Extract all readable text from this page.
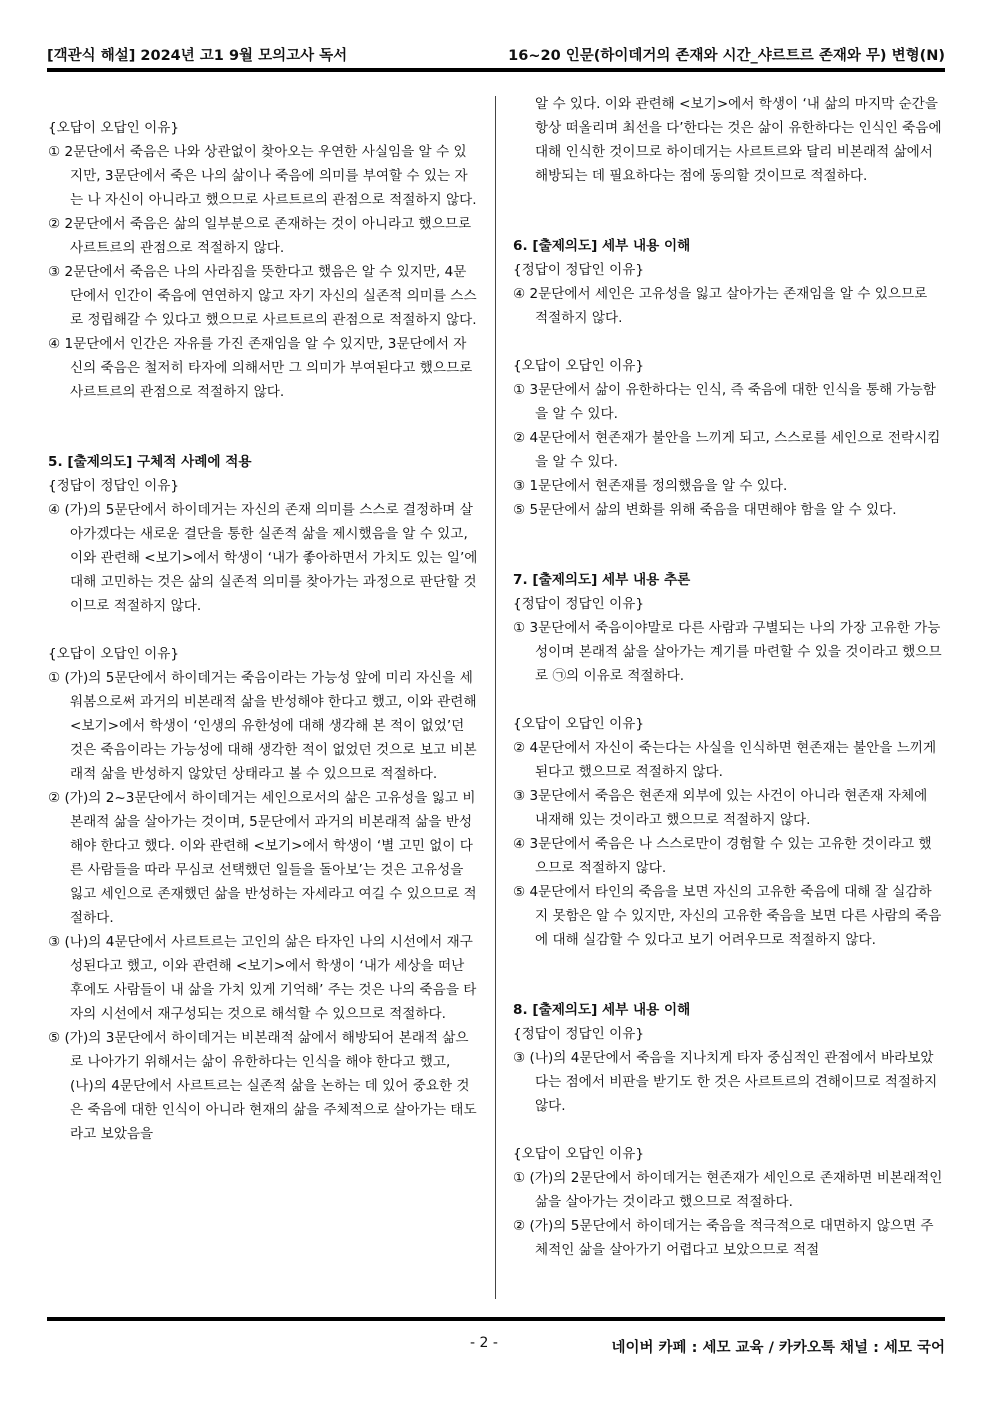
[객관식 해설] 2024년 고1 9월 모의고사 독서	16~20 인문(하이데거의 존재와 시간_샤르트르 존재와 무) 변형(N)

{오답이 오답인 이유}

① 2문단에서 죽음은 나와 상관없이 찾아오는 우연한 사실임을 알 수 있지만, 3문단에서 죽은 나의 삶이나 죽음에 의미를 부여할 수 있는 자는 나 자신이 아니라고 했으므로 사르트르의 관점으로 적절하지 않다.

② 2문단에서 죽음은 삶의 일부분으로 존재하는 것이 아니라고 했으므로 사르트르의 관점으로 적절하지 않다.

③ 2문단에서 죽음은 나의 사라짐을 뜻한다고 했음은 알 수 있지만, 4문단에서 인간이 죽음에 연연하지 않고 자기 자신의 실존적 의미를 스스로 정립해갈 수 있다고 했으므로 사르트르의 관점으로 적절하지 않다.

④ 1문단에서 인간은 자유를 가진 존재임을 알 수 있지만, 3문단에서 자신의 죽음은 철저히 타자에 의해서만 그 의미가 부여된다고 했으므로 사르트르의 관점으로 적절하지 않다.

5. [출제의도] 구체적 사례에 적용

{정답이 정답인 이유}

④ (가)의 5문단에서 하이데거는 자신의 존재 의미를 스스로 결정하며 살아가겠다는 새로운 결단을 통한 실존적 삶을 제시했음을 알 수 있고, 이와 관련해 <보기>에서 학생이 ‘내가 좋아하면서 가치도 있는 일’에 대해 고민하는 것은 삶의 실존적 의미를 찾아가는 과정으로 판단할 것이므로 적절하지 않다.

{오답이 오답인 이유}

① (가)의 5문단에서 하이데거는 죽음이라는 가능성 앞에 미리 자신을 세워봄으로써 과거의 비본래적 삶을 반성해야 한다고 했고, 이와 관련해 <보기>에서 학생이 ‘인생의 유한성에 대해 생각해 본 적이 없었’던 것은 죽음이라는 가능성에 대해 생각한 적이 없었던 것으로 보고 비본래적 삶을 반성하지 않았던 상태라고 볼 수 있으므로 적절하다.

② (가)의 2~3문단에서 하이데거는 세인으로서의 삶은 고유성을 잃고 비본래적 삶을 살아가는 것이며, 5문단에서 과거의 비본래적 삶을 반성해야 한다고 했다. 이와 관련해 <보기>에서 학생이 ‘별 고민 없이 다른 사람들을 따라 무심코 선택했던 일들을 돌아보’는 것은 고유성을 잃고 세인으로 존재했던 삶을 반성하는 자세라고 여길 수 있으므로 적절하다.

③ (나)의 4문단에서 사르트르는 고인의 삶은 타자인 나의 시선에서 재구성된다고 했고, 이와 관련해 <보기>에서 학생이 ‘내가 세상을 떠난 후에도 사람들이 내 삶을 가치 있게 기억해’ 주는 것은 나의 죽음을 타자의 시선에서 재구성되는 것으로 해석할 수 있으므로 적절하다.

⑤ (가)의 3문단에서 하이데거는 비본래적 삶에서 해방되어 본래적 삶으로 나아가기 위해서는 삶이 유한하다는 인식을 해야 한다고 했고, (나)의 4문단에서 사르트르는 실존적 삶을 논하는 데 있어 중요한 것은 죽음에 대한 인식이 아니라 현재의 삶을 주체적으로 살아가는 태도라고 보았음을

알 수 있다. 이와 관련해 <보기>에서 학생이 ‘내 삶의 마지막 순간을 항상 떠올리며 최선을 다’한다는 것은 삶이 유한하다는 인식인 죽음에 대해 인식한 것이므로 하이데거는 사르트르와 달리 비본래적 삶에서 해방되는 데 필요하다는 점에 동의할 것이므로 적절하다.

6. [출제의도] 세부 내용 이해

{정답이 정답인 이유}

④ 2문단에서 세인은 고유성을 잃고 살아가는 존재임을 알 수 있으므로 적절하지 않다.

{오답이 오답인 이유}

① 3문단에서 삶이 유한하다는 인식, 즉 죽음에 대한 인식을 통해 가능함을 알 수 있다.

② 4문단에서 현존재가 불안을 느끼게 되고, 스스로를 세인으로 전락시킴을 알 수 있다.

③ 1문단에서 현존재를 정의했음을 알 수 있다.

⑤ 5문단에서 삶의 변화를 위해 죽음을 대면해야 함을 알 수 있다.

7. [출제의도] 세부 내용 추론

{정답이 정답인 이유}

① 3문단에서 죽음이야말로 다른 사람과 구별되는 나의 가장 고유한 가능성이며 본래적 삶을 살아가는 계기를 마련할 수 있을 것이라고 했으므로 ㉠의 이유로 적절하다.

{오답이 오답인 이유}

② 4문단에서 자신이 죽는다는 사실을 인식하면 현존재는 불안을 느끼게 된다고 했으므로 적절하지 않다.

③ 3문단에서 죽음은 현존재 외부에 있는 사건이 아니라 현존재 자체에 내재해 있는 것이라고 했으므로 적절하지 않다.

④ 3문단에서 죽음은 나 스스로만이 경험할 수 있는 고유한 것이라고 했으므로 적절하지 않다.

⑤ 4문단에서 타인의 죽음을 보면 자신의 고유한 죽음에 대해 잘 실감하지 못함은 알 수 있지만, 자신의 고유한 죽음을 보면 다른 사람의 죽음에 대해 실감할 수 있다고 보기 어려우므로 적절하지 않다.

8. [출제의도] 세부 내용 이해

{정답이 정답인 이유}

③ (나)의 4문단에서 죽음을 지나치게 타자 중심적인 관점에서 바라보았다는 점에서 비판을 받기도 한 것은 사르트르의 견해이므로 적절하지 않다.

{오답이 오답인 이유}

① (가)의 2문단에서 하이데거는 현존재가 세인으로 존재하면 비본래적인 삶을 살아가는 것이라고 했으므로 적절하다.

② (가)의 5문단에서 하이데거는 죽음을 적극적으로 대면하지 않으면 주체적인 삶을 살아가기 어렵다고 보았으므로 적절

- 2 -	네이버 카페 : 세모 교육 / 카카오톡 채널 : 세모 국어
